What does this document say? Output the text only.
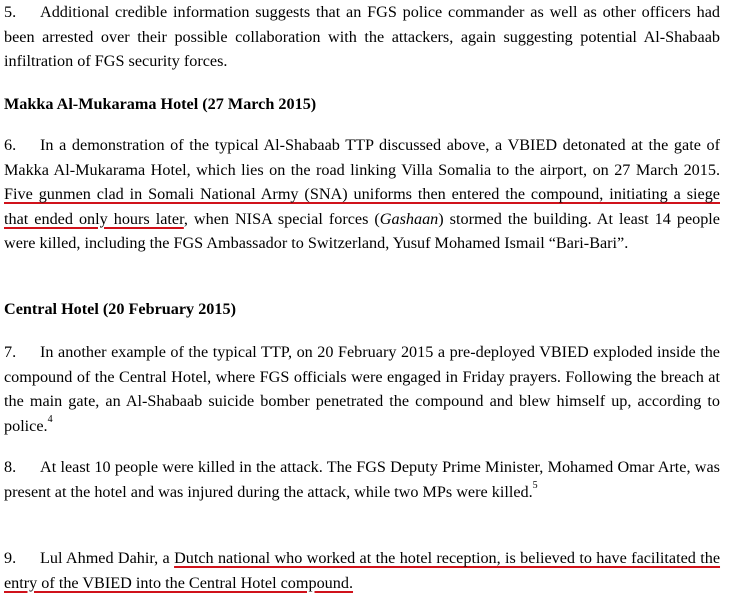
5. Additional credible information suggests that an FGS police commander as well as other officers had been arrested over their possible collaboration with the attackers, again suggesting potential Al-Shabaab infiltration of FGS security forces.

Makka Al-Mukarama Hotel (27 March 2015)

6. In a demonstration of the typical Al-Shabaab TTP discussed above, a VBIED detonated at the gate of Makka Al-Mukarama Hotel, which lies on the road linking Villa Somalia to the airport, on 27 March 2015. Five gunmen clad in Somali National Army (SNA) uniforms then entered the compound, initiating a siege that ended only hours later, when NISA special forces (Gashaan) stormed the building. At least 14 people were killed, including the FGS Ambassador to Switzerland, Yusuf Mohamed Ismail “Bari-Bari”.

Central Hotel (20 February 2015)

7. In another example of the typical TTP, on 20 February 2015 a pre-deployed VBIED exploded inside the compound of the Central Hotel, where FGS officials were engaged in Friday prayers. Following the breach at the main gate, an Al-Shabaab suicide bomber penetrated the compound and blew himself up, according to police.$^4$

8. At least 10 people were killed in the attack. The FGS Deputy Prime Minister, Mohamed Omar Arte, was present at the hotel and was injured during the attack, while two MPs were killed.$^5$

9. Lul Ahmed Dahir, a Dutch national who worked at the hotel reception, is believed to have facilitated the entry of the VBIED into the Central Hotel compound.
